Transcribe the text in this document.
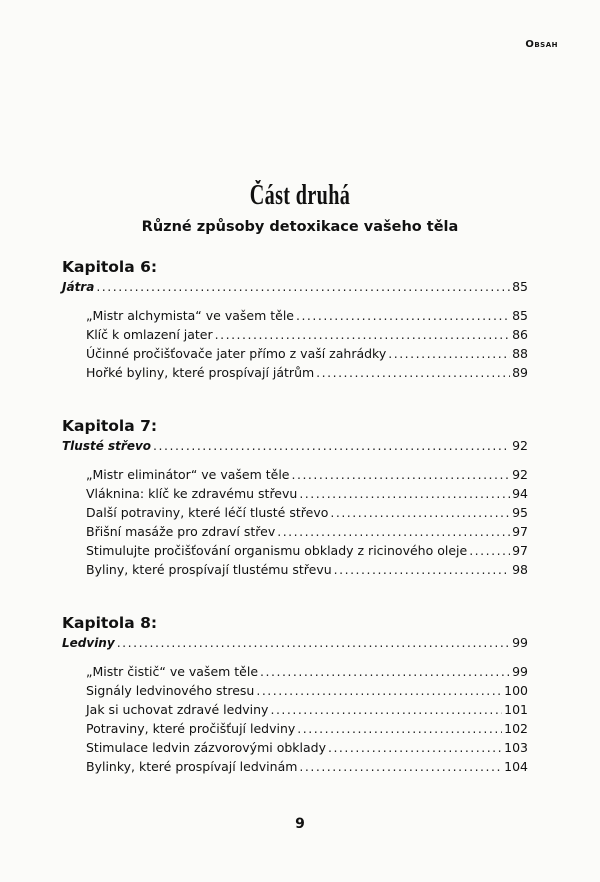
Obsah
Část druhá
Různé způsoby detoxikace vašeho těla
Kapitola 6:
Játra .....	85
„Mistr alchymista“ ve vašem těle .....	85
Klíč k omlazení jater .....	86
Účinné pročišťovače jater přímo z vaší zahrádky .....	88
Hořké byliny, které prospívají játrům .....	89
Kapitola 7:
Tlusté střevo .....	92
„Mistr eliminátor“ ve vašem těle .....	92
Vláknina: klíč ke zdravému střevu .....	94
Další potraviny, které léčí tlusté střevo .....	95
Břišní masáže pro zdraví střev .....	97
Stimulujte pročišťování organismu obklady z ricinového oleje .....	97
Byliny, které prospívají tlustému střevu .....	98
Kapitola 8:
Ledviny .....	99
„Mistr čistič“ ve vašem těle .....	99
Signály ledvinového stresu .....	100
Jak si uchovat zdravé ledviny .....	101
Potraviny, které pročišťují ledviny .....	102
Stimulace ledvin zázvorovými obklady .....	103
Bylinky, které prospívají ledvinám .....	104
9
